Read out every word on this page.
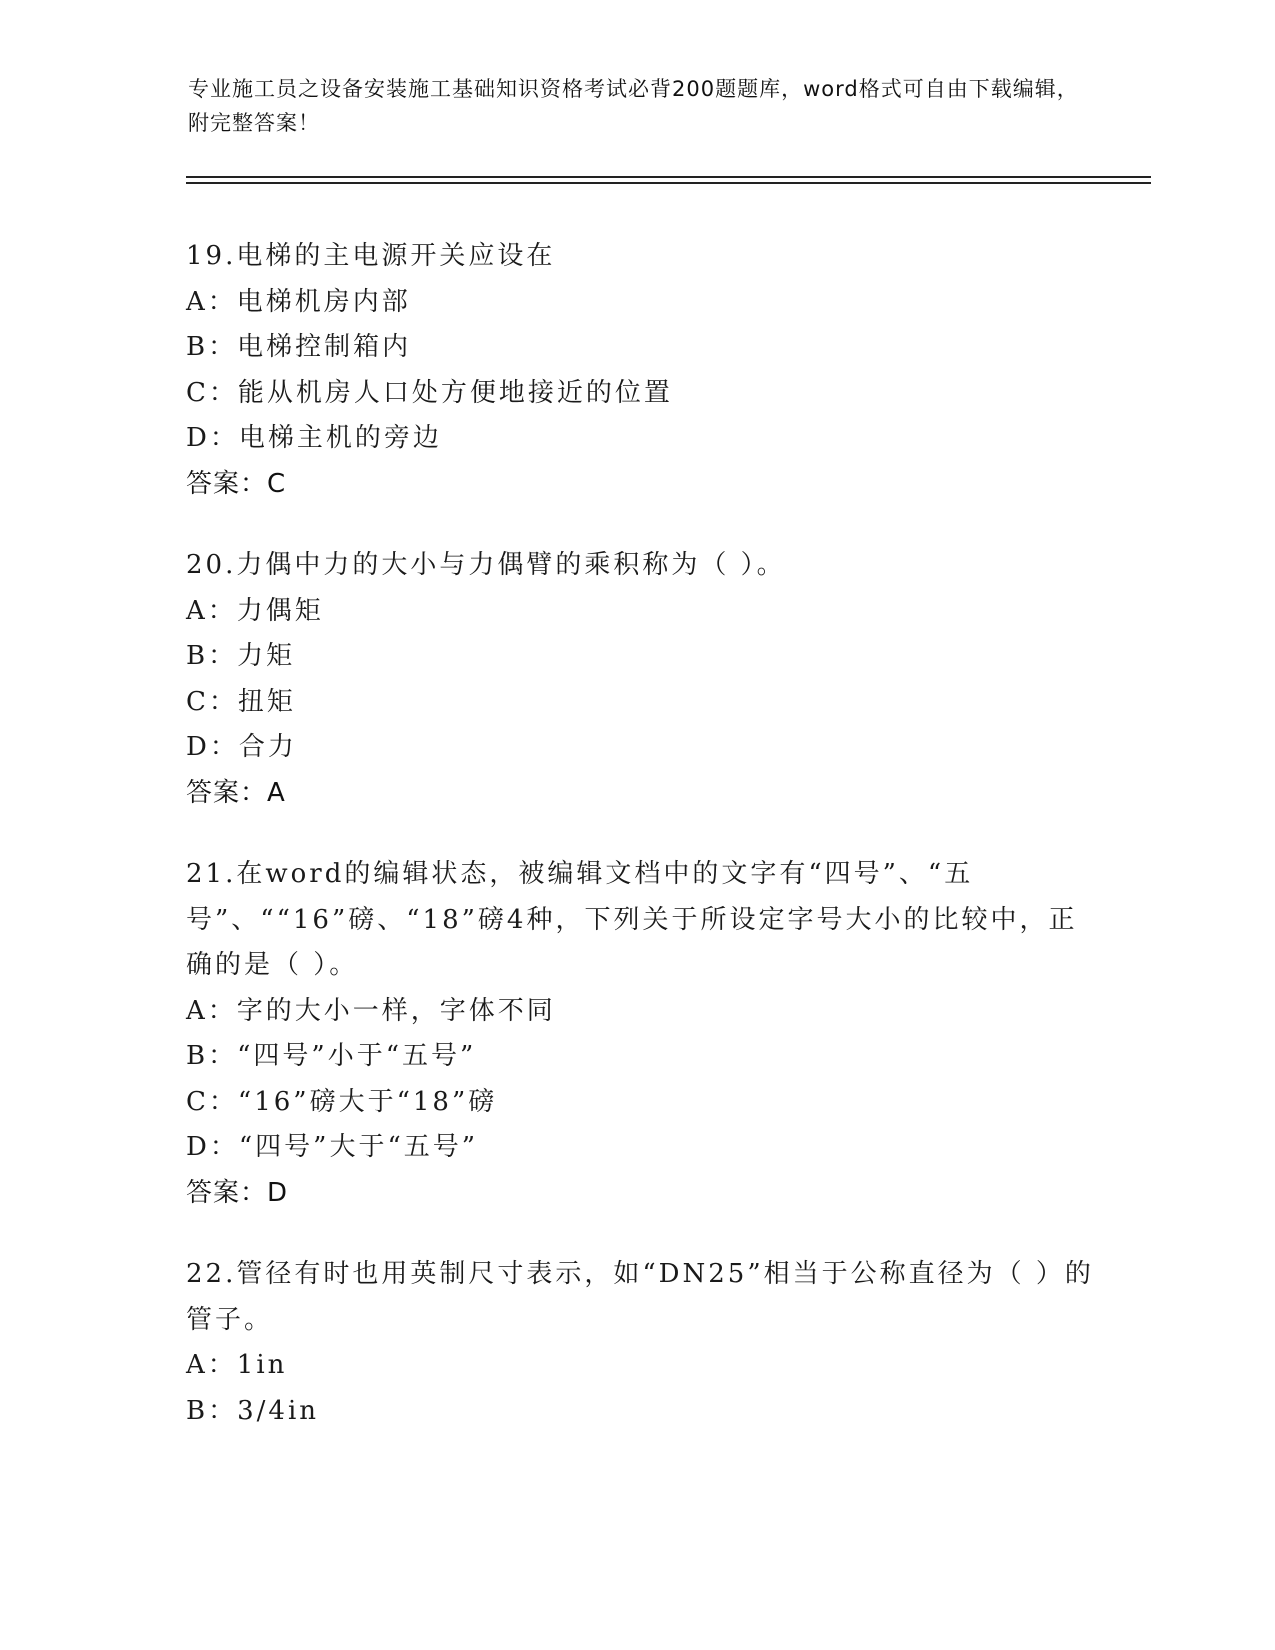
专业施工员之设备安装施工基础知识资格考试必背200题题库，word格式可自由下载编辑，附完整答案！
19.电梯的主电源开关应设在
A：电梯机房内部
B：电梯控制箱内
C：能从机房人口处方便地接近的位置
D：电梯主机的旁边
答案：C
20.力偶中力的大小与力偶臂的乘积称为（ ）。
A：力偶矩
B：力矩
C：扭矩
D：合力
答案：A
21.在word的编辑状态，被编辑文档中的文字有“四号”、“五号”、““16”磅、“18”磅4种，下列关于所设定字号大小的比较中，正确的是（ ）。
A：字的大小一样，字体不同
B：“四号”小于“五号”
C：“16”磅大于“18”磅
D：“四号”大于“五号”
答案：D
22.管径有时也用英制尺寸表示，如“DN25”相当于公称直径为（ ）的管子。
A：1in
B：3/4in
